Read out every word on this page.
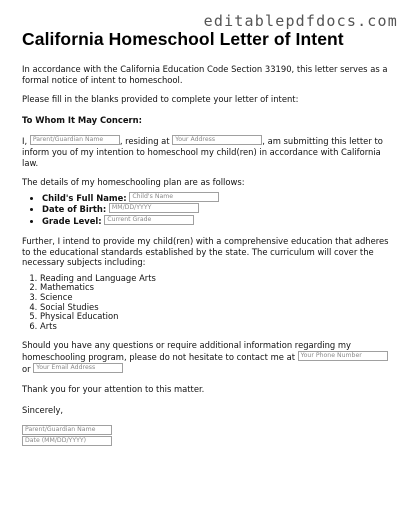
editablepdfdocs.com
California Homeschool Letter of Intent

In accordance with the California Education Code Section 33190, this letter serves as a formal notice of intent to homeschool.

Please fill in the blanks provided to complete your letter of intent:

To Whom It May Concern:

I, Parent/Guardian Name , residing at Your Address	, am submitting this letter to inform you of my intention to homeschool my child(ren) in accordance with California law.

The details of my homeschooling plan are as follows:

• Child's Full Name: Child's Name
• Date of Birth: MM/DD/YYYY
• Grade Level: Current Grade

Further, I intend to provide my child(ren) with a comprehensive education that adheres to the educational standards established by the state. The curriculum will cover the necessary subjects including:

1. Reading and Language Arts
2. Mathematics
3. Science
4. Social Studies
5. Physical Education
6. Arts

Should you have any questions or require additional information regarding my homeschooling program, please do not hesitate to contact me at Your Phone Number
or Your Email Address

Thank you for your attention to this matter.

Sincerely,

Parent/Guardian Name
Date (MM/DD/YYYY)
